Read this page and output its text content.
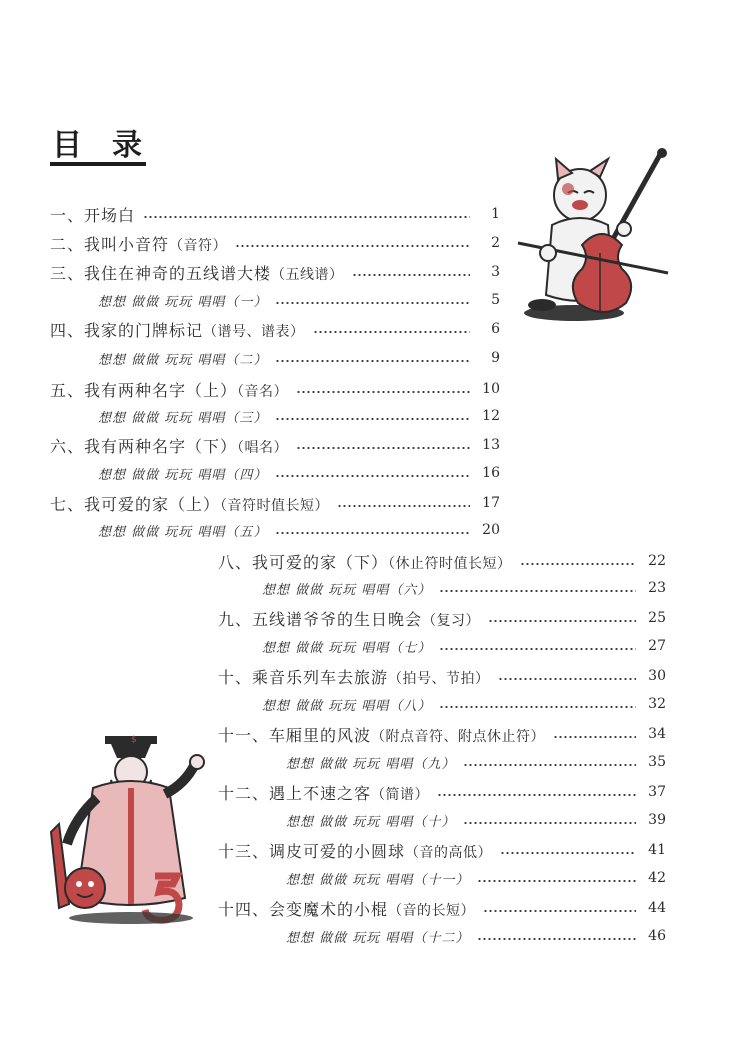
目 录
一、开场白	1
二、我叫小音符（音符）	2
三、我住在神奇的五线谱大楼（五线谱）	3
想想 做做 玩玩 唱唱（一）	5
四、我家的门牌标记（谱号、谱表）	6
想想 做做 玩玩 唱唱（二）	9
五、我有两种名字（上）（音名）	10
想想 做做 玩玩 唱唱（三）	12
六、我有两种名字（下）（唱名）	13
想想 做做 玩玩 唱唱（四）	16
七、我可爱的家（上）（音符时值长短）	17
想想 做做 玩玩 唱唱（五）	20
八、我可爱的家（下）（休止符时值长短）	22
想想 做做 玩玩 唱唱（六）	23
九、五线谱爷爷的生日晚会（复习）	25
想想 做做 玩玩 唱唱（七）	27
十、乘音乐列车去旅游（拍号、节拍）	30
想想 做做 玩玩 唱唱（八）	32
十一、车厢里的风波（附点音符、附点休止符）	34
想想 做做 玩玩 唱唱（九）	35
十二、遇上不速之客（简谱）	37
想想 做做 玩玩 唱唱（十）	39
十三、调皮可爱的小圆球（音的高低）	41
想想 做做 玩玩 唱唱（十一）	42
十四、会变魔术的小棍（音的长短）	44
想想 做做 玩玩 唱唱（十二）	46
$
